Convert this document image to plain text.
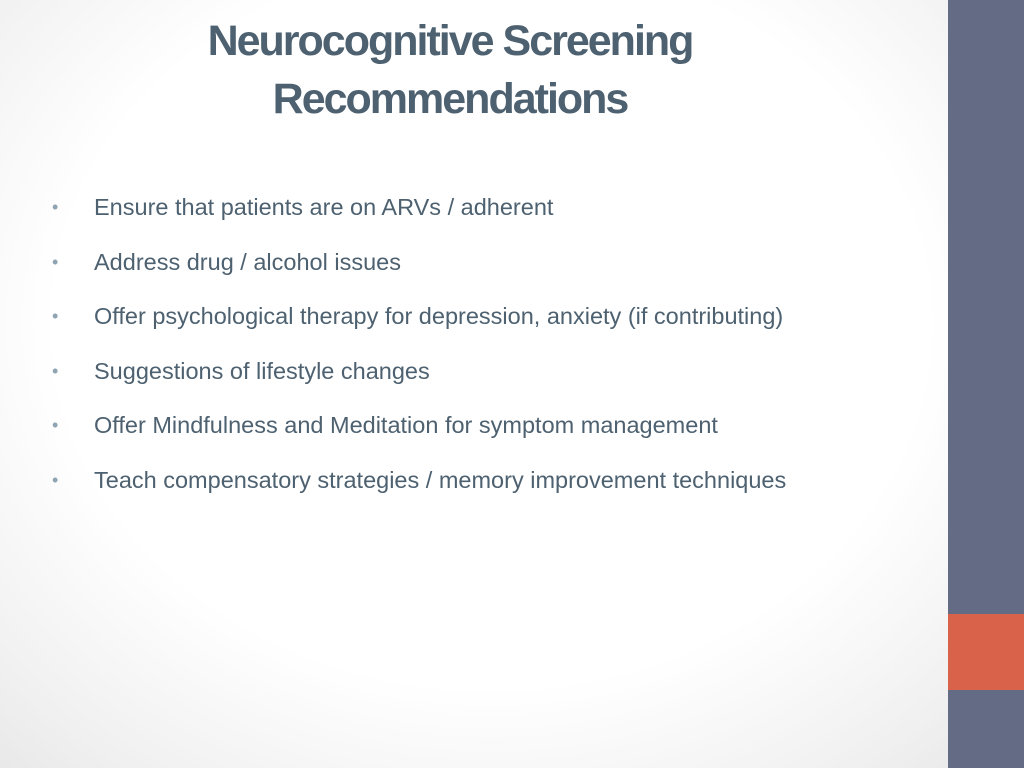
Neurocognitive Screening
Recommendations
•	Ensure that patients are on ARVs / adherent
•	Address drug / alcohol issues
•	Offer psychological therapy for depression, anxiety (if contributing)
•	Suggestions of lifestyle changes
•	Offer Mindfulness and Meditation for symptom management
•	Teach compensatory strategies / memory improvement techniques
